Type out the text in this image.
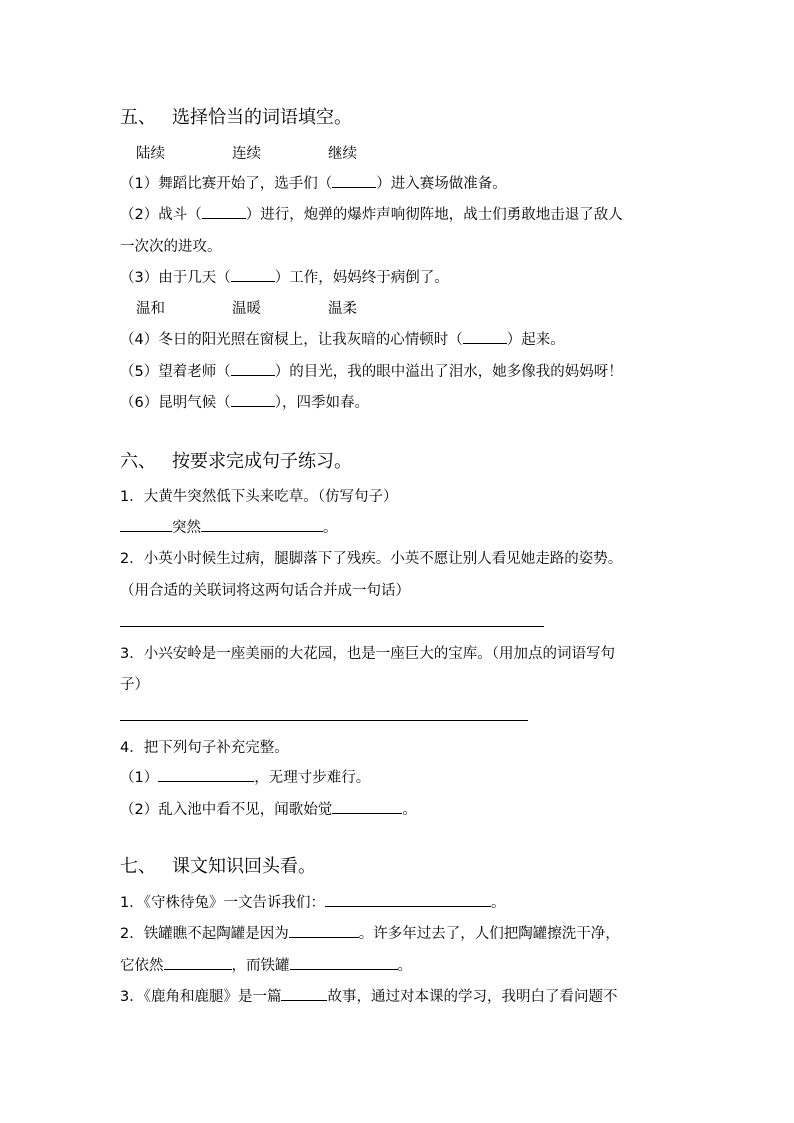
五、 选择恰当的词语填空。
陆续	连续	继续
（1）舞蹈比赛开始了，选手们（	）进入赛场做准备。
（2）战斗（	）进行，炮弹的爆炸声响彻阵地，战士们勇敢地击退了敌人
一次次的进攻。
（3）由于几天（	）工作，妈妈终于病倒了。
温和	温暖	温柔
（4）冬日的阳光照在窗棂上，让我灰暗的心情顿时（	）起来。
（5）望着老师（	）的目光，我的眼中溢出了泪水，她多像我的妈妈呀！
（6）昆明气候（	），四季如春。
六、 按要求完成句子练习。
1．大黄牛突然低下头来吃草。（仿写句子）
突然	。
2．小英小时候生过病，腿脚落下了残疾。小英不愿让别人看见她走路的姿势。
（用合适的关联词将这两句话合并成一句话）
3．小兴安岭是一座美丽的大花园，也是一座巨大的宝库。（用加点的词语写句
子）
4．把下列句子补充完整。
（1）	，无理寸步难行。
（2）乱入池中看不见，闻歌始觉	。
七、 课文知识回头看。
1．《守株待兔》一文告诉我们：	。
2．铁罐瞧不起陶罐是因为	。许多年过去了，人们把陶罐擦洗干净，
它依然	，而铁罐	。
3．《鹿角和鹿腿》是一篇	故事，通过对本课的学习，我明白了看问题不
